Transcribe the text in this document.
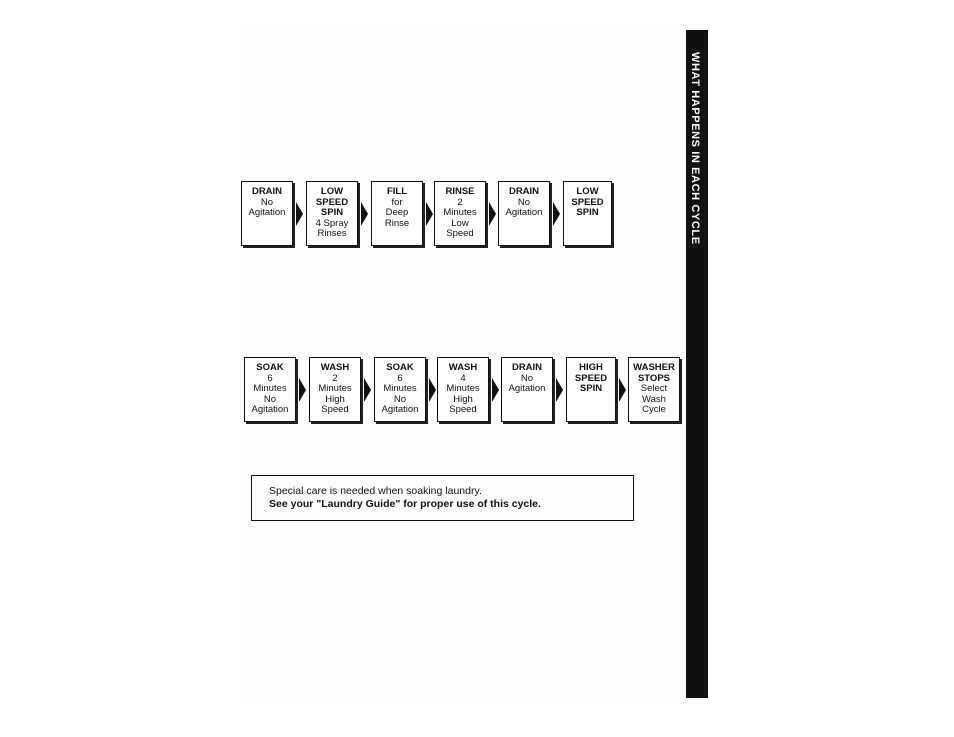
WHAT HAPPENS IN EACH CYCLE
DRAIN
No
Agitation
LOW
SPEED
SPIN
4 Spray
Rinses
FILL
for
Deep
Rinse
RINSE
2
Minutes
Low
Speed
DRAIN
No
Agitation
LOW
SPEED
SPIN
SOAK
6
Minutes
No
Agitation
WASH
2
Minutes
High
Speed
SOAK
6
Minutes
No
Agitation
WASH
4
Minutes
High
Speed
DRAIN
No
Agitation
HIGH
SPEED
SPIN
WASHER
STOPS
Select
Wash
Cycle
Special care is needed when soaking laundry.
See your "Laundry Guide" for proper use of this cycle.
